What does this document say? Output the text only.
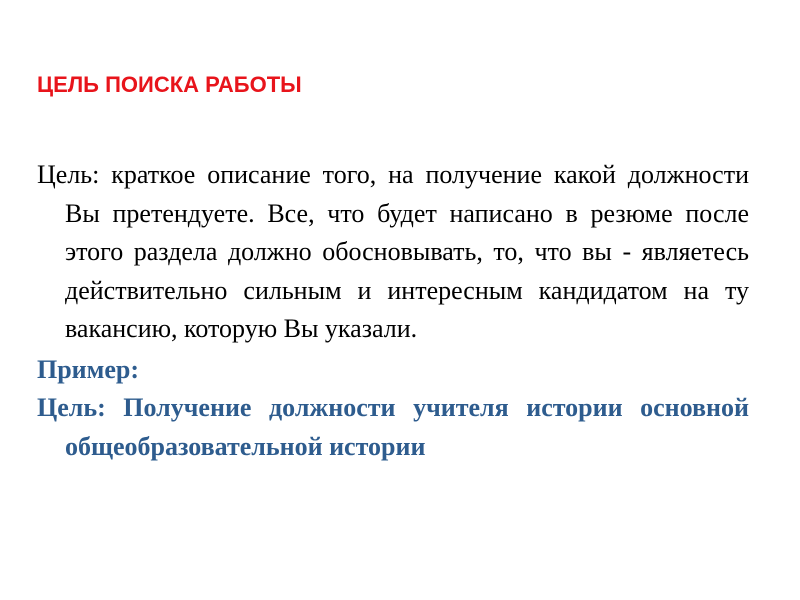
ЦЕЛЬ ПОИСКА РАБОТЫ

Цель: краткое описание того, на получение какой должности Вы претендуете. Все, что будет написано в резюме после этого раздела должно обосновывать, то, что вы - являетесь действительно сильным и интересным кандидатом на ту вакансию, которую Вы указали.

Пример:

Цель: Получение должности учителя истории основной общеобразовательной истории
